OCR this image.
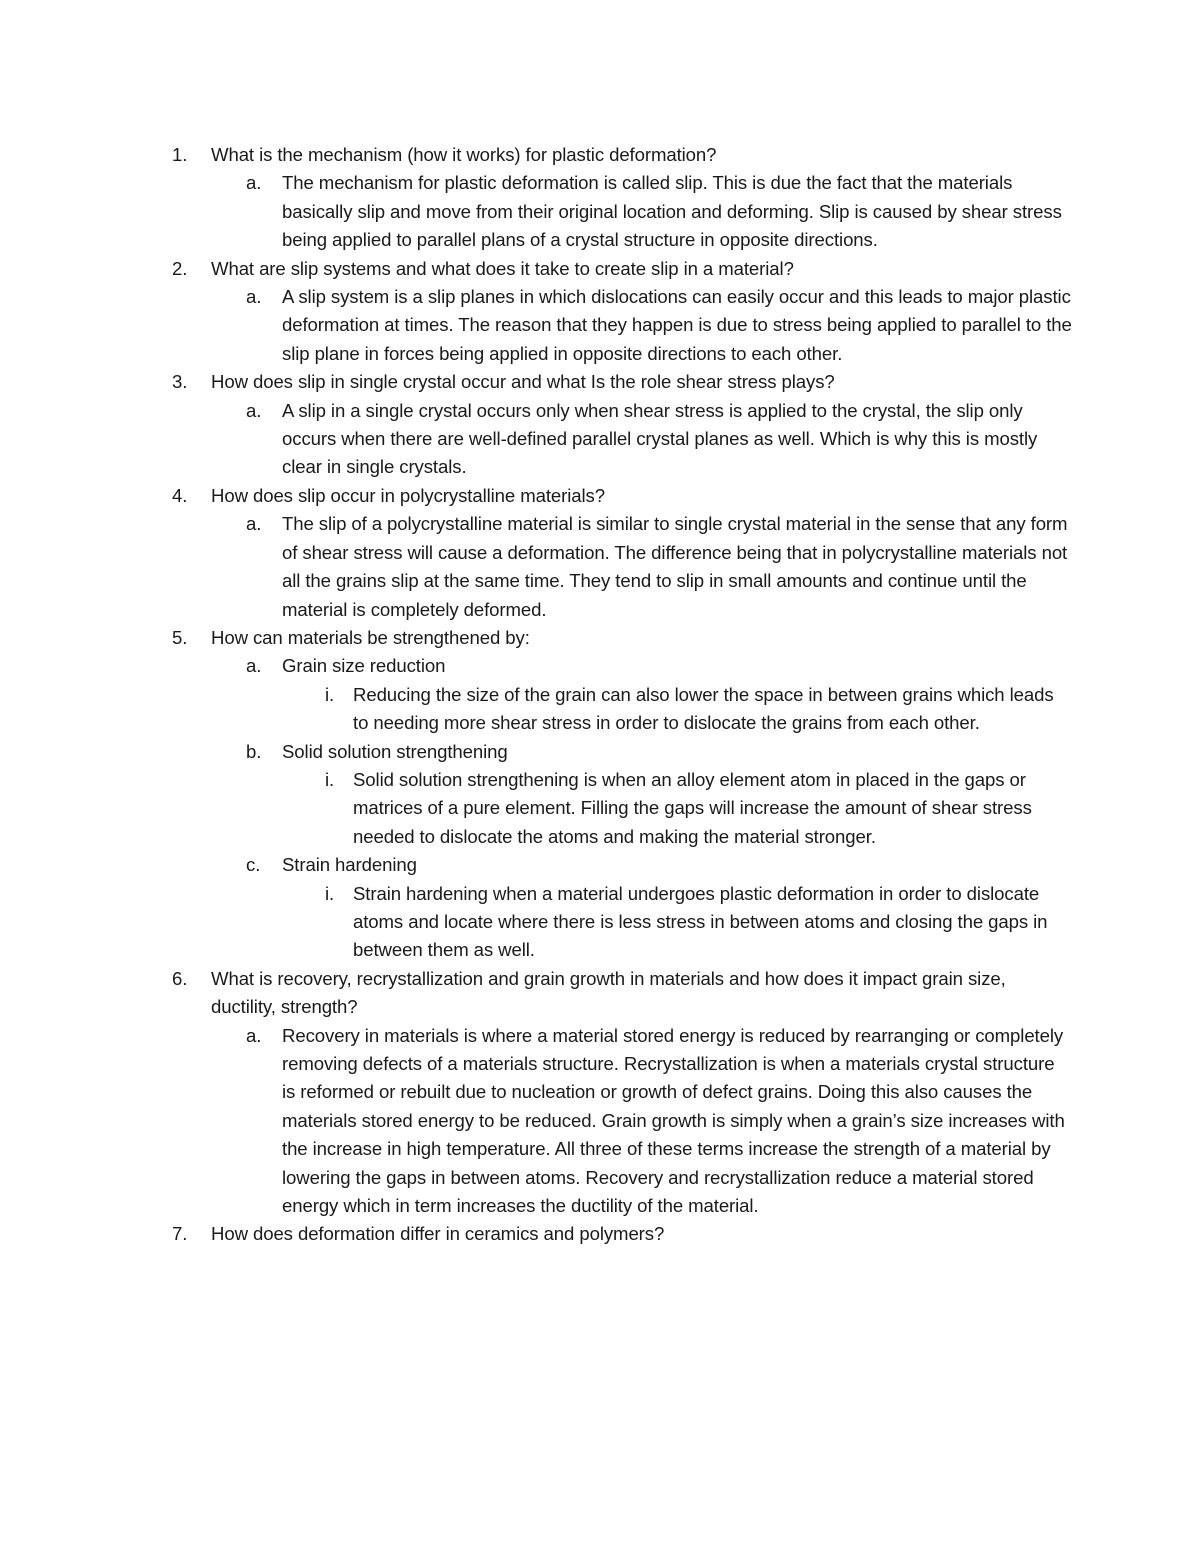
1. What is the mechanism (how it works) for plastic deformation?
a. The mechanism for plastic deformation is called slip. This is due the fact that the materials basically slip and move from their original location and deforming. Slip is caused by shear stress being applied to parallel plans of a crystal structure in opposite directions.
2. What are slip systems and what does it take to create slip in a material?
a. A slip system is a slip planes in which dislocations can easily occur and this leads to major plastic deformation at times. The reason that they happen is due to stress being applied to parallel to the slip plane in forces being applied in opposite directions to each other.
3. How does slip in single crystal occur and what Is the role shear stress plays?
a. A slip in a single crystal occurs only when shear stress is applied to the crystal, the slip only occurs when there are well-defined parallel crystal planes as well. Which is why this is mostly clear in single crystals.
4. How does slip occur in polycrystalline materials?
a. The slip of a polycrystalline material is similar to single crystal material in the sense that any form of shear stress will cause a deformation. The difference being that in polycrystalline materials not all the grains slip at the same time. They tend to slip in small amounts and continue until the material is completely deformed.
5. How can materials be strengthened by:
a. Grain size reduction
i. Reducing the size of the grain can also lower the space in between grains which leads to needing more shear stress in order to dislocate the grains from each other.
b. Solid solution strengthening
i. Solid solution strengthening is when an alloy element atom in placed in the gaps or matrices of a pure element. Filling the gaps will increase the amount of shear stress needed to dislocate the atoms and making the material stronger.
c. Strain hardening
i. Strain hardening when a material undergoes plastic deformation in order to dislocate atoms and locate where there is less stress in between atoms and closing the gaps in between them as well.
6. What is recovery, recrystallization and grain growth in materials and how does it impact grain size, ductility, strength?
a. Recovery in materials is where a material stored energy is reduced by rearranging or completely removing defects of a materials structure. Recrystallization is when a materials crystal structure is reformed or rebuilt due to nucleation or growth of defect grains. Doing this also causes the materials stored energy to be reduced. Grain growth is simply when a grain’s size increases with the increase in high temperature. All three of these terms increase the strength of a material by lowering the gaps in between atoms. Recovery and recrystallization reduce a material stored energy which in term increases the ductility of the material.
7. How does deformation differ in ceramics and polymers?
